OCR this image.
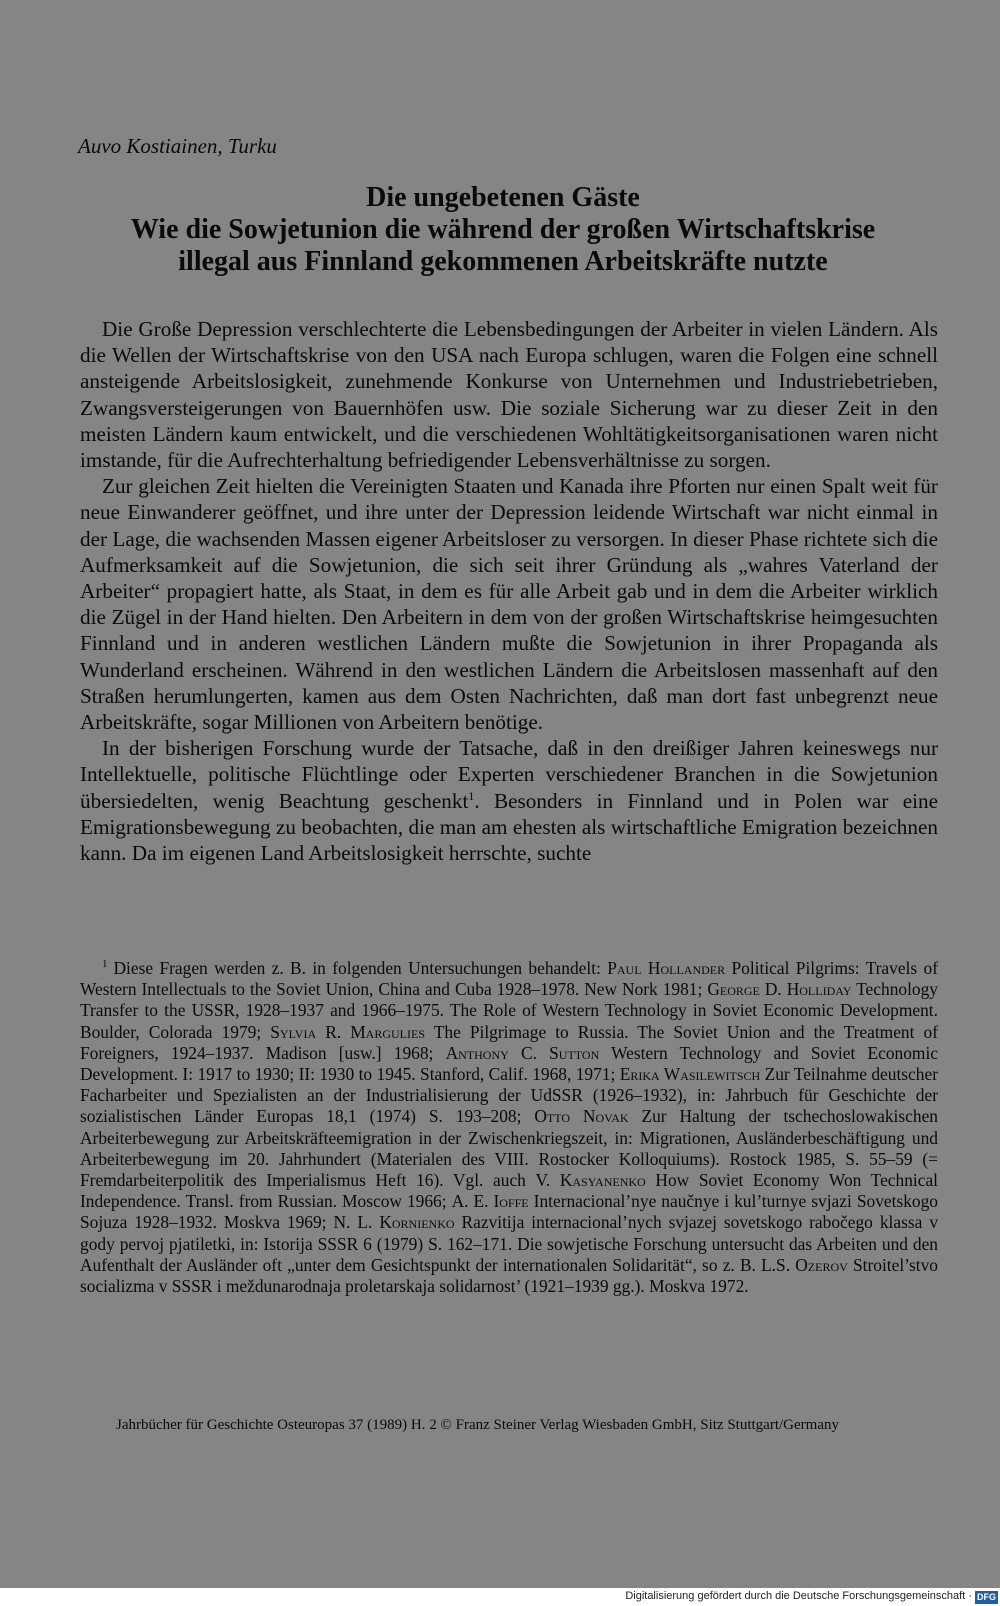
Auvo Kostiainen, Turku
Die ungebetenen Gäste
Wie die Sowjetunion die während der großen Wirtschaftskrise
illegal aus Finnland gekommenen Arbeitskräfte nutzte

Die Große Depression verschlechterte die Lebensbedingungen der Arbeiter in vielen Ländern. Als die Wellen der Wirtschaftskrise von den USA nach Europa schlugen, waren die Folgen eine schnell ansteigende Arbeitslosigkeit, zunehmende Konkurse von Unternehmen und Industriebetrieben, Zwangsversteigerungen von Bauernhöfen usw. Die soziale Sicherung war zu dieser Zeit in den meisten Ländern kaum entwickelt, und die verschiedenen Wohltätigkeitsorganisationen waren nicht imstande, für die Aufrechterhaltung befriedigender Lebensverhältnisse zu sorgen.

Zur gleichen Zeit hielten die Vereinigten Staaten und Kanada ihre Pforten nur einen Spalt weit für neue Einwanderer geöffnet, und ihre unter der Depression leidende Wirtschaft war nicht einmal in der Lage, die wachsenden Massen eigener Arbeitsloser zu versorgen. In dieser Phase richtete sich die Aufmerksamkeit auf die Sowjetunion, die sich seit ihrer Gründung als „wahres Vaterland der Arbeiter“ propagiert hatte, als Staat, in dem es für alle Arbeit gab und in dem die Arbeiter wirklich die Zügel in der Hand hielten. Den Arbeitern in dem von der großen Wirtschaftskrise heimgesuchten Finnland und in anderen westlichen Ländern mußte die Sowjetunion in ihrer Propaganda als Wunderland erscheinen. Während in den westlichen Ländern die Arbeitslosen massenhaft auf den Straßen herumlungerten, kamen aus dem Osten Nachrichten, daß man dort fast unbegrenzt neue Arbeitskräfte, sogar Millionen von Arbeitern benötige.

In der bisherigen Forschung wurde der Tatsache, daß in den dreißiger Jahren keineswegs nur Intellektuelle, politische Flüchtlinge oder Experten verschiedener Branchen in die Sowjetunion übersiedelten, wenig Beachtung geschenkt$^1$. Besonders in Finnland und in Polen war eine Emigrationsbewegung zu beobachten, die man am ehesten als wirtschaftliche Emigration bezeichnen kann. Da im eigenen Land Arbeitslosigkeit herrschte, suchte

$^1$ Diese Fragen werden z. B. in folgenden Untersuchungen behandelt: Paul Hollander Political Pilgrims: Travels of Western Intellectuals to the Soviet Union, China and Cuba 1928–1978. New Nork 1981; George D. Holliday Technology Transfer to the USSR, 1928–1937 and 1966–1975. The Role of Western Technology in Soviet Economic Development. Boulder, Colorada 1979; Sylvia R. Margulies The Pilgrimage to Russia. The Soviet Union and the Treatment of Foreigners, 1924–1937. Madison [usw.] 1968; Anthony C. Sutton Western Technology and Soviet Economic Development. I: 1917 to 1930; II: 1930 to 1945. Stanford, Calif. 1968, 1971; Erika Wasilewitsch Zur Teilnahme deutscher Facharbeiter und Spezialisten an der Industrialisierung der UdSSR (1926–1932), in: Jahrbuch für Geschichte der sozialistischen Länder Europas 18,1 (1974) S. 193–208; Otto Novak Zur Haltung der tschechoslowakischen Arbeiterbewegung zur Arbeitskräfteemigration in der Zwischenkriegszeit, in: Migrationen, Ausländerbeschäftigung und Arbeiterbewegung im 20. Jahrhundert (Materialen des VIII. Rostocker Kolloquiums). Rostock 1985, S. 55–59 (= Fremdarbeiterpolitik des Imperialismus Heft 16). Vgl. auch V. Kasyanenko How Soviet Economy Won Technical Independence. Transl. from Russian. Moscow 1966; A. E. Ioffe Internacional’nye naučnye i kul’turnye svjazi Sovetskogo Sojuza 1928–1932. Moskva 1969; N. L. Kornienko Razvitija internacional’nych svjazej sovetskogo rabočego klassa v gody pervoj pjatiletki, in: Istorija SSSR 6 (1979) S. 162–171. Die sowjetische Forschung untersucht das Arbeiten und den Aufenthalt der Ausländer oft „unter dem Gesichtspunkt der internationalen Solidarität“, so z. B. L.S. Ozerov Stroitel’stvo socializma v SSSR i meždunarodnaja proletarskaja solidarnost’ (1921–1939 gg.). Moskva 1972.

Jahrbücher für Geschichte Osteuropas 37 (1989) H. 2 © Franz Steiner Verlag Wiesbaden GmbH, Sitz Stuttgart/Germany
Digitalisierung gefördert durch die Deutsche Forschungsgemeinschaft · DFG
